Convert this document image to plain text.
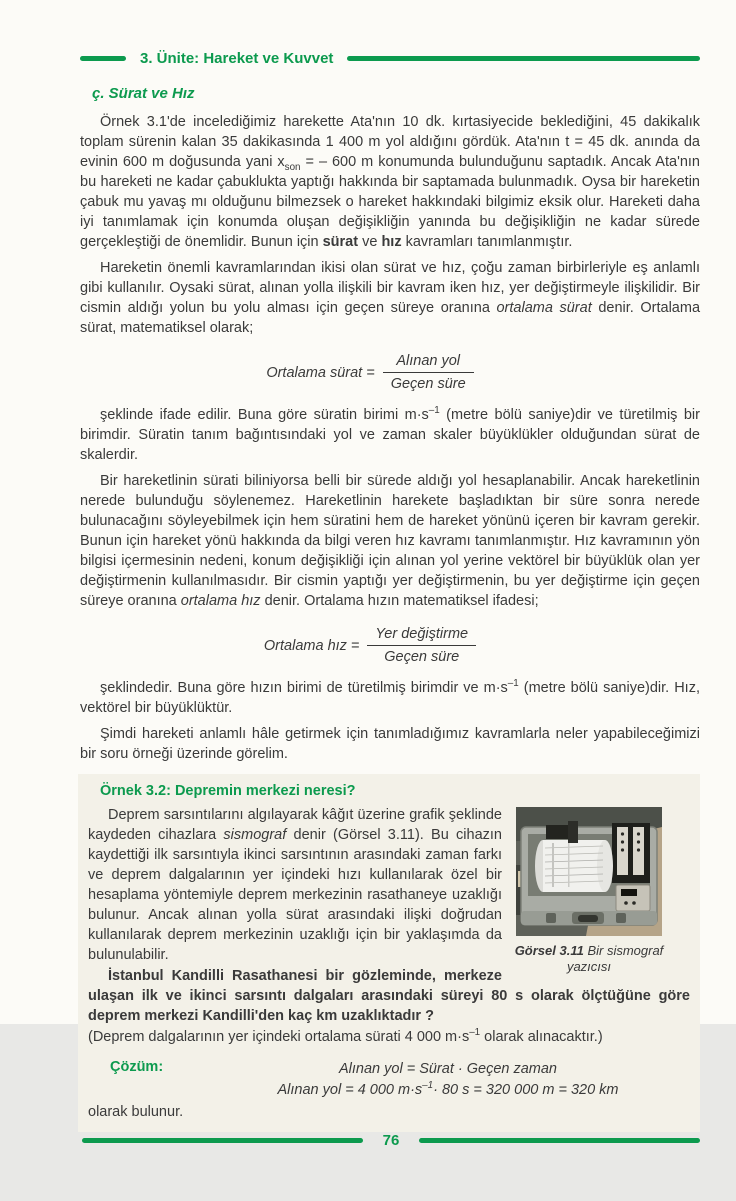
3. Ünite: Hareket ve Kuvvet
ç. Sürat ve Hız

Örnek 3.1'de incelediğimiz harekette Ata'nın 10 dk. kırtasiyecide beklediğini, 45 dakikalık toplam sürenin kalan 35 dakikasında 1 400 m yol aldığını gördük. Ata'nın t = 45 dk. anında da evinin 600 m doğusunda yani $x_{son}$ = – 600 m konumunda bulunduğunu saptadık. Ancak Ata'nın bu hareketi ne kadar çabuklukta yaptığı hakkında bir saptamada bulunmadık. Oysa bir hareketin çabuk mu yavaş mı olduğunu bilmezsek o hareket hakkındaki bilgimiz eksik olur. Hareketi daha iyi tanımlamak için konumda oluşan değişikliğin yanında bu değişikliğin ne kadar sürede gerçekleştiği de önemlidir. Bunun için sürat ve hız kavramları tanımlanmıştır.

Hareketin önemli kavramlarından ikisi olan sürat ve hız, çoğu zaman birbirleriyle eş anlamlı gibi kullanılır. Oysaki sürat, alınan yolla ilişkili bir kavram iken hız, yer değiştirmeyle ilişkilidir. Bir cismin aldığı yolun bu yolu alması için geçen süreye oranına ortalama sürat denir. Ortalama sürat, matematiksel olarak;

Ortalama sürat = $\frac{\text{Alınan yol}}{\text{Geçen süre}}$

şeklinde ifade edilir. Buna göre süratin birimi $m\cdot s^{-1}$ (metre bölü saniye)dir ve türetilmiş bir birimdir. Süratin tanım bağıntısındaki yol ve zaman skaler büyüklükler olduğundan sürat de skalerdir.

Bir hareketlinin sürati biliniyorsa belli bir sürede aldığı yol hesaplanabilir. Ancak hareketlinin nerede bulunduğu söylenemez. Hareketlinin harekete başladıktan bir süre sonra nerede bulunacağını söyleyebilmek için hem süratini hem de hareket yönünü içeren bir kavram gerekir. Bunun için hareket yönü hakkında da bilgi veren hız kavramı tanımlanmıştır. Hız kavramının yön bilgisi içermesinin nedeni, konum değişikliği için alınan yol yerine vektörel bir büyüklük olan yer değiştirmenin kullanılmasıdır. Bir cismin yaptığı yer değiştirmenin, bu yer değiştirme için geçen süreye oranına ortalama hız denir. Ortalama hızın matematiksel ifadesi;

Ortalama hız = $\frac{\text{Yer değiştirme}}{\text{Geçen süre}}$

şeklindedir. Buna göre hızın birimi de türetilmiş birimdir ve $m\cdot s^{-1}$ (metre bölü saniye)dir. Hız, vektörel bir büyüklüktür.

Şimdi hareketi anlamlı hâle getirmek için tanımladığımız kavramlarla neler yapabileceğimizi bir soru örneği üzerinde görelim.

Örnek 3.2: Depremin merkezi neresi?
Görsel 3.11 Bir sismograf yazıcısı

Deprem sarsıntılarını algılayarak kâğıt üzerine grafik şeklinde kaydeden cihazlara sismograf denir (Görsel 3.11). Bu cihazın kaydettiği ilk sarsıntıyla ikinci sarsıntının arasındaki zaman farkı ve deprem dalgalarının yer içindeki hızı kullanılarak özel bir hesaplama yöntemiyle deprem merkezinin rasathaneye uzaklığı bulunur. Ancak alınan yolla sürat arasındaki ilişki doğrudan kullanılarak deprem merkezinin uzaklığı için bir yaklaşımda da bulunulabilir.

İstanbul Kandilli Rasathanesi bir gözleminde, merkeze ulaşan ilk ve ikinci sarsıntı dalgaları arasındaki süreyi 80 s olarak ölçtüğüne göre deprem merkezi Kandilli'den kaç km uzaklıktadır ?

(Deprem dalgalarının yer içindeki ortalama sürati 4 000 $m\cdot s^{-1}$ olarak alınacaktır.)

Çözüm:	Alınan yol = Sürat · Geçen zaman
Alınan yol = 4 000 $m\cdot s^{-1}\cdot 80$ s = 320 000 m = 320 km

olarak bulunur.

76
